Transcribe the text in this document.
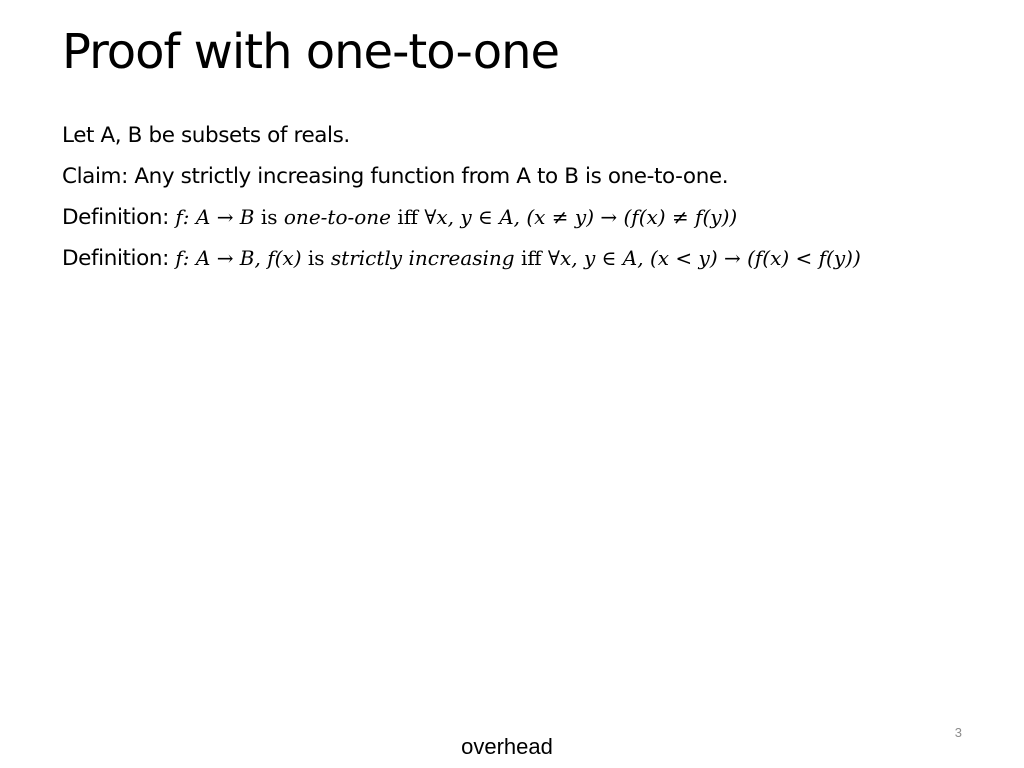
Proof with one-to-one
Let A, B be subsets of reals.
Claim: Any strictly increasing function from A to B is one-to-one.
Definition: f: A → B is one-to-one iff ∀x, y ∈ A, (x ≠ y) → (f(x) ≠ f(y))
Definition: f: A → B, f(x) is strictly increasing iff ∀x, y ∈ A, (x < y) → (f(x) < f(y))
overhead
3
